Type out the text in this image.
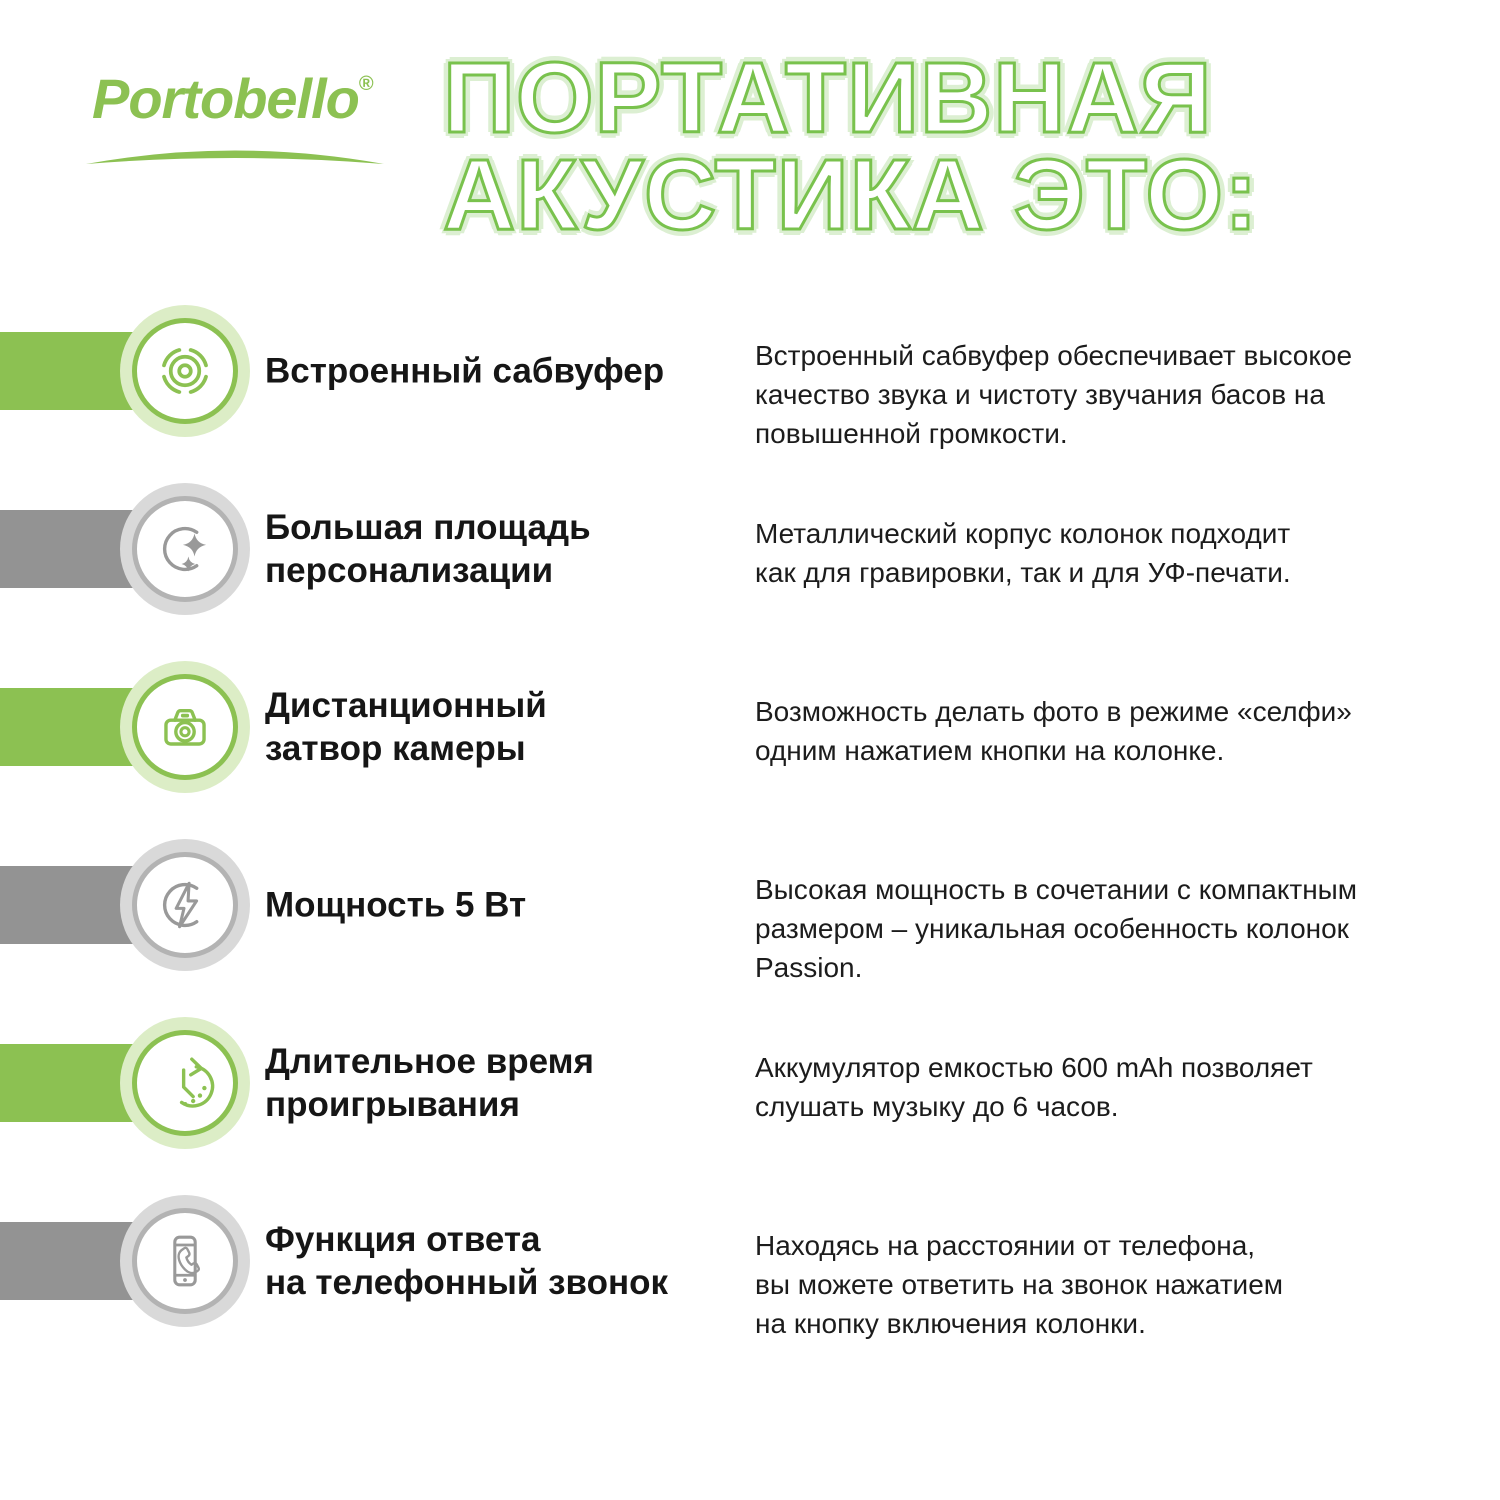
Portobello® ПОРТАТИВНАЯ
АКУСТИКА ЭТО:
Встроенный сабвуфер	Встроенный сабвуфер обеспечивает высокое
качество звука и чистоту звучания басов на
повышенной громкости.
Большая площадь
персонализации
Металлический корпус колонок подходит
как для гравировки, так и для УФ-печати.
Дистанционный
затвор камеры
Возможность делать фото в режиме «селфи»
одним нажатием кнопки на колонке.
Мощность 5 Вт	Высокая мощность в сочетании с компактным
размером – уникальная особенность колонок
Passion.
Длительное время
проигрывания
Аккумулятор емкостью 600 mAh позволяет
слушать музыку до 6 часов.
Функция ответа
на телефонный звонок
Находясь на расстоянии от телефона,
вы можете ответить на звонок нажатием
на кнопку включения колонки.
